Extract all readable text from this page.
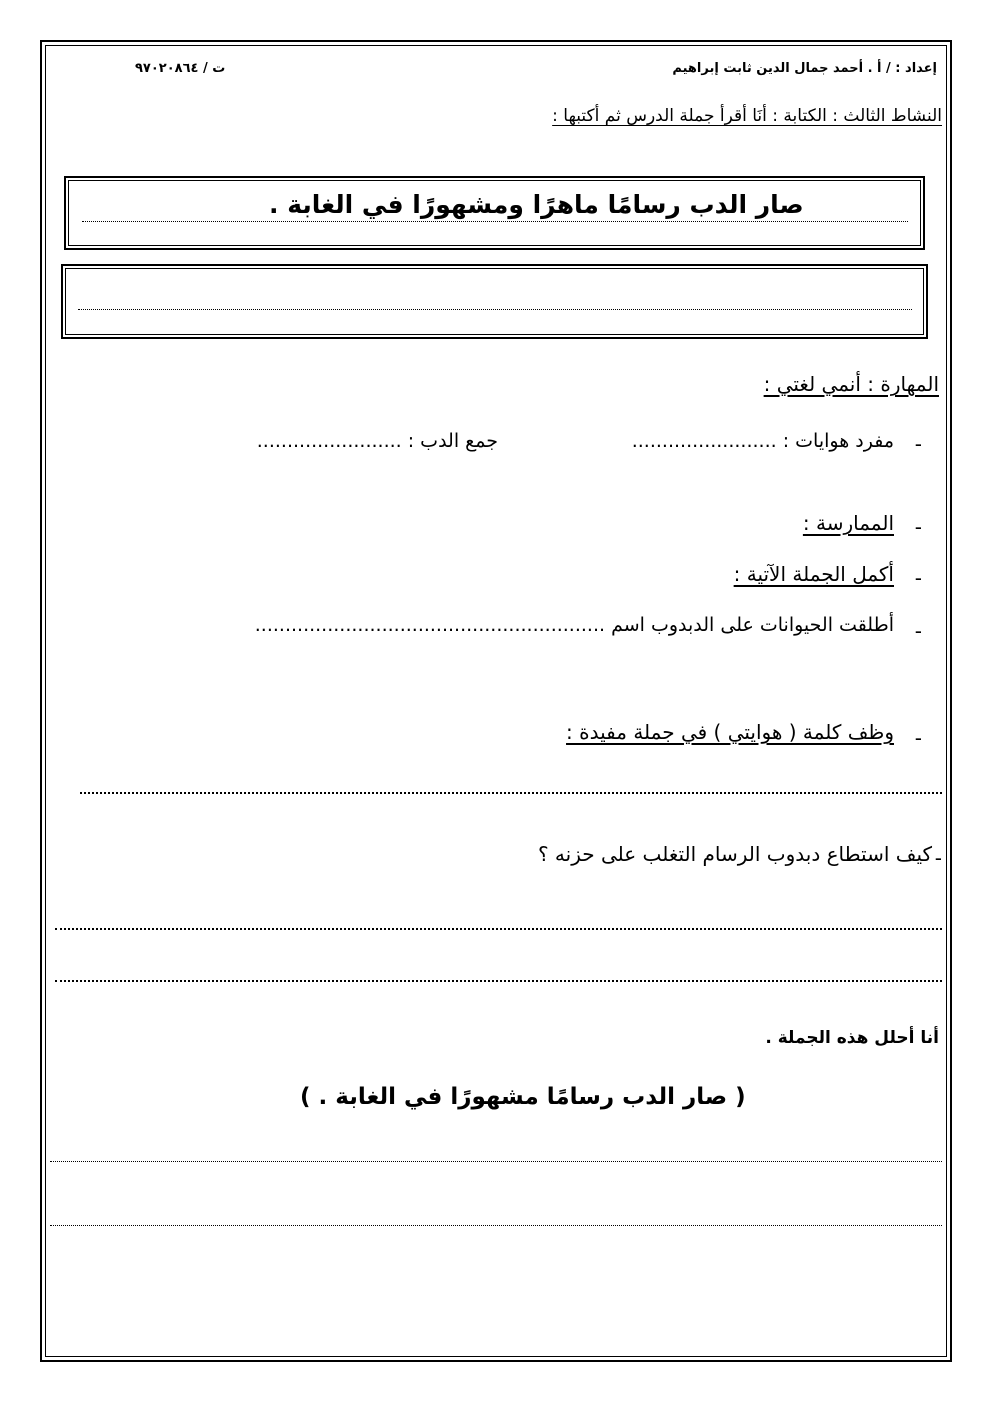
إعداد : / أ . أحمد جمال الدين ثابت إبراهيم
ت / ٩٧٠٢٠٨٦٤
النشاط الثالث : الكتابة : أنَا أقرأ جملة الدرس ثم أكتبها :
صار الدب رسامًا ماهرًا ومشهورًا في الغابة .
المهارة : أنمي لغتي :
-
مفرد هوايات : ........................
جمع الدب : ........................
-
الممارسة :
-
أكمل الجملة الآتية :
-
أطلقت الحيوانات على الدبدوب اسم ..........................................................
-
وظف كلمة ( هوايتي ) في جملة مفيدة :
-
كيف استطاع دبدوب الرسام التغلب على حزنه ؟
أنا أحلل هذه الجملة .
( صار الدب رسامًا مشهورًا في الغابة . )
